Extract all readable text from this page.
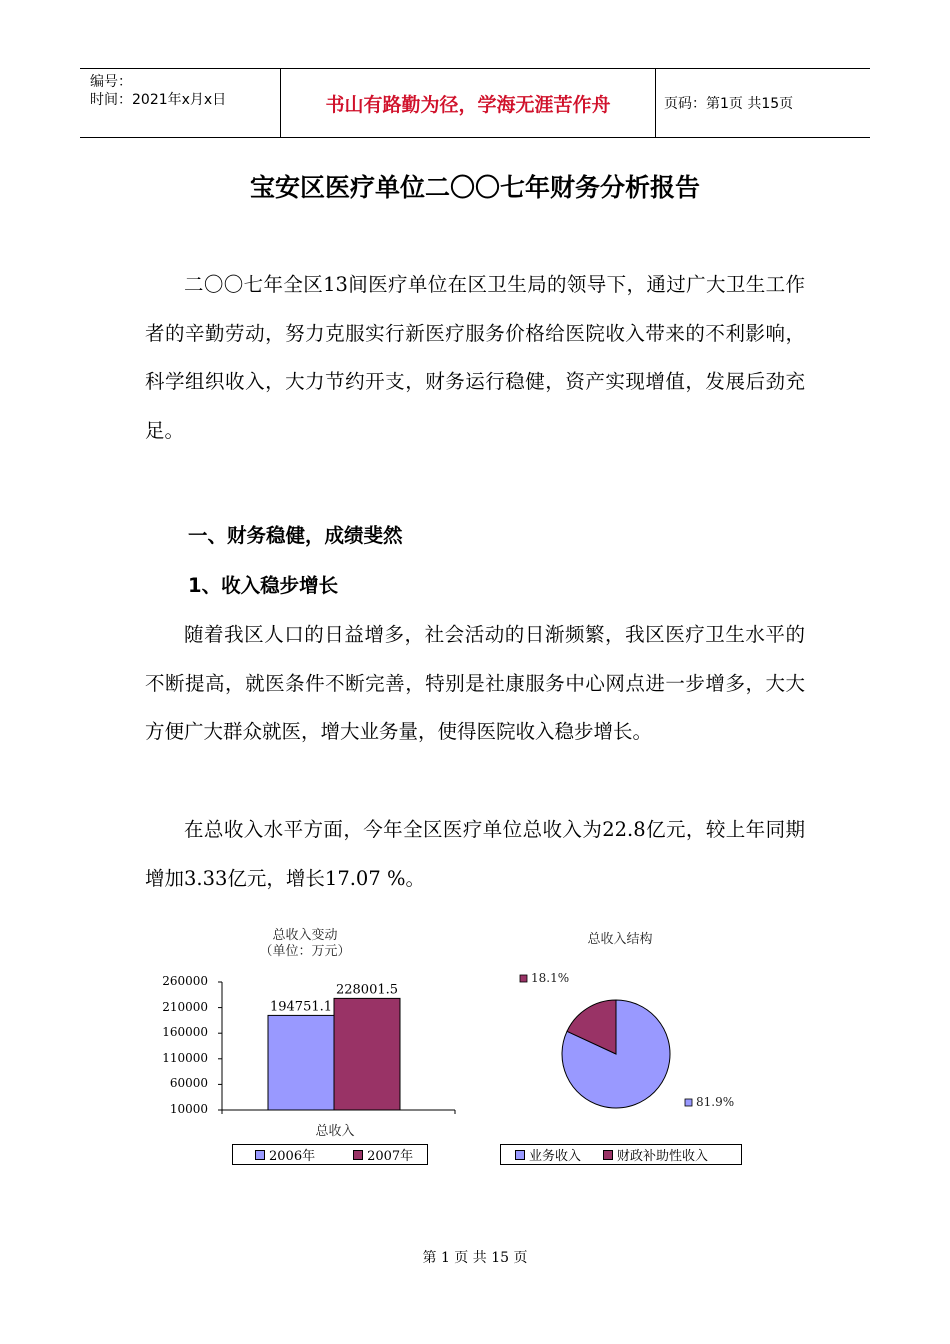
编号：
时间：2021年x月x日	书山有路勤为径，学海无涯苦作舟	页码：第1页 共15页
宝安区医疗单位二〇〇七年财务分析报告

二〇〇七年全区13间医疗单位在区卫生局的领导下，通过广大卫生工作者的辛勤劳动，努力克服实行新医疗服务价格给医院收入带来的不利影响，科学组织收入，大力节约开支，财务运行稳健，资产实现增值，发展后劲充足。

一、财务稳健，成绩斐然
1、收入稳步增长

随着我区人口的日益增多，社会活动的日渐频繁，我区医疗卫生水平的不断提高，就医条件不断完善，特别是社康服务中心网点进一步增多，大大方便广大群众就医，增大业务量，使得医院收入稳步增长。

在总收入水平方面，今年全区医疗单位总收入为22.8亿元，较上年同期增加3.33亿元，增长17.07 %。

总收入变动
（单位：万元）
10000
60000
110000
160000
210000
260000
194751.1
228001.5
总收入
2006年	2007年
总收入结构
81.9%
18.1%
业务收入	财政补助性收入
第 1 页 共 15 页
